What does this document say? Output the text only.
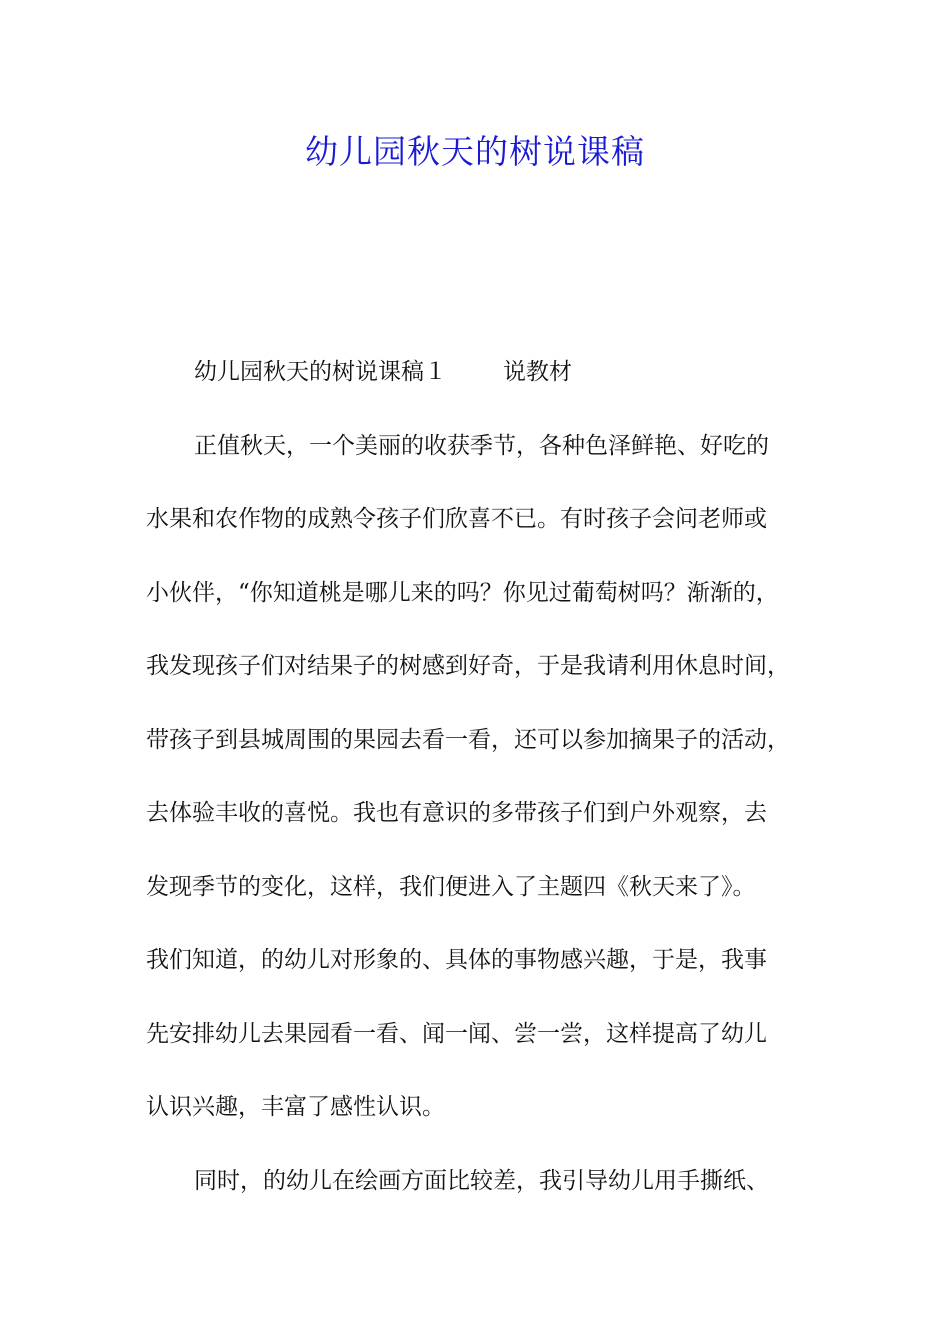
幼儿园秋天的树说课稿
幼儿园秋天的树说课稿１ 说教材
正值秋天，一个美丽的收获季节，各种色泽鲜艳、好吃的
水果和农作物的成熟令孩子们欣喜不已。有时孩子会问老师或
小伙伴，“你知道桃是哪儿来的吗？你见过葡萄树吗？渐渐的，
我发现孩子们对结果子的树感到好奇，于是我请利用休息时间，
带孩子到县城周围的果园去看一看，还可以参加摘果子的活动，
去体验丰收的喜悦。我也有意识的多带孩子们到户外观察，去
发现季节的变化，这样，我们便进入了主题四《秋天来了》。
我们知道，的幼儿对形象的、具体的事物感兴趣，于是，我事
先安排幼儿去果园看一看、闻一闻、尝一尝，这样提高了幼儿
认识兴趣，丰富了感性认识。
同时，的幼儿在绘画方面比较差，我引导幼儿用手撕纸、
